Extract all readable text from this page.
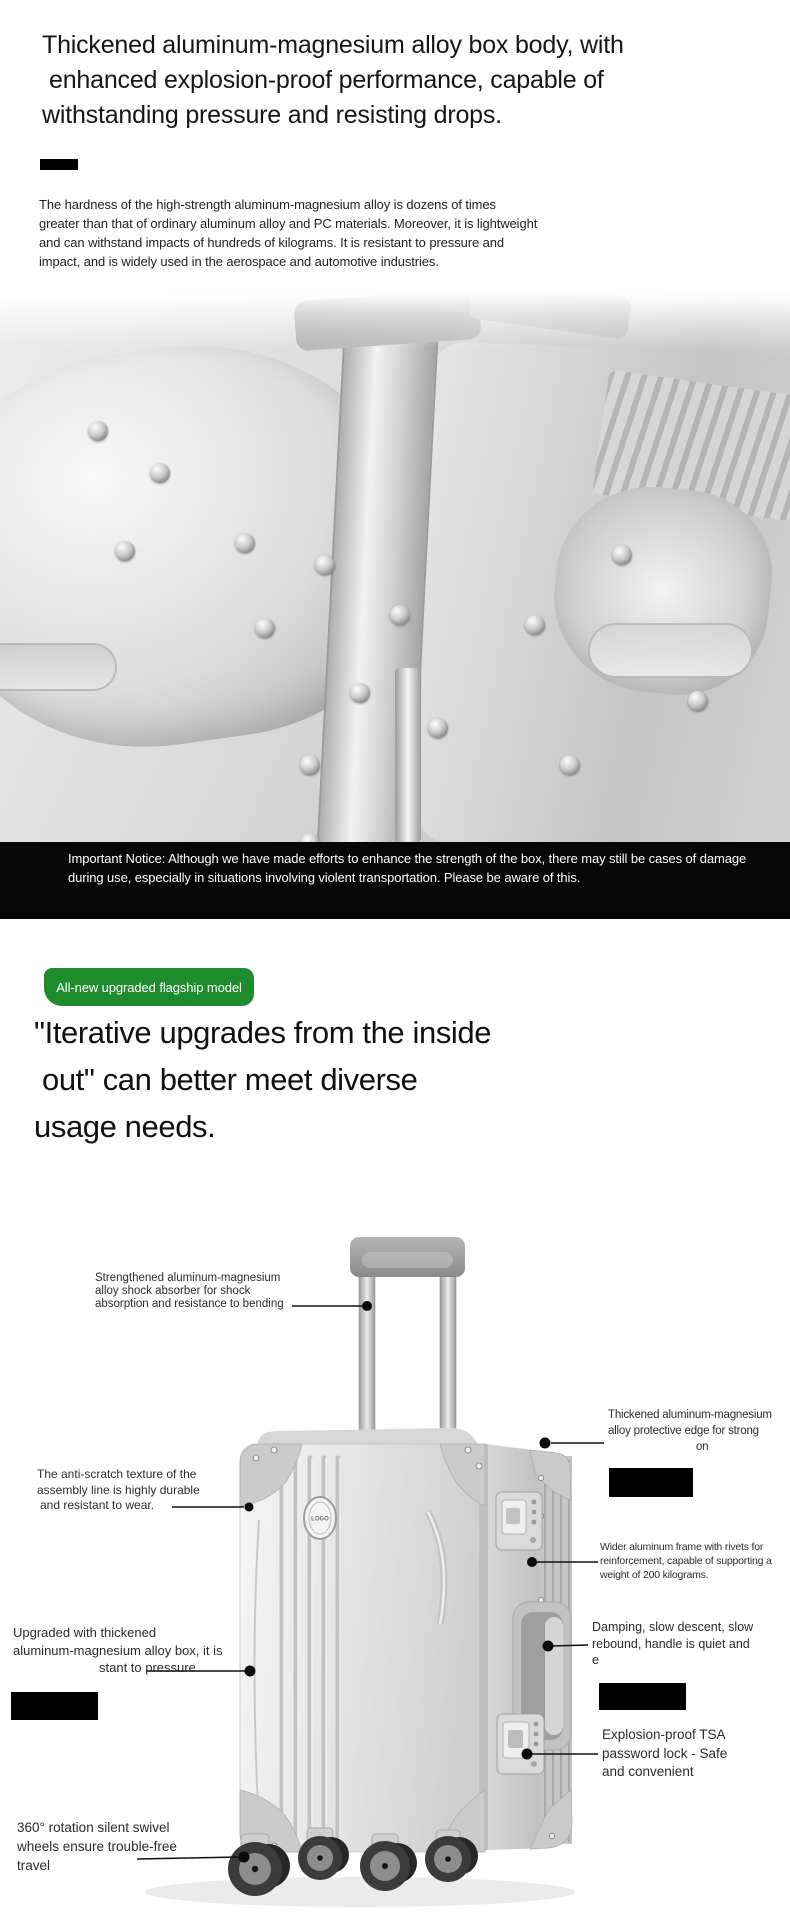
Thickened aluminum-magnesium alloy box body, with
enhanced explosion-proof performance, capable of
withstanding pressure and resisting drops.
The hardness of the high-strength aluminum-magnesium alloy is dozens of times greater than that of ordinary aluminum alloy and PC materials. Moreover, it is lightweight and can withstand impacts of hundreds of kilograms. It is resistant to pressure and impact, and is widely used in the aerospace and automotive industries.
Important Notice: Although we have made efforts to enhance the strength of the box, there may still be cases of damage during use, especially in situations involving violent transportation. Please be aware of this.
All-new upgraded flagship model
"Iterative upgrades from the inside
out" can better meet diverse
usage needs.
LOGO
Strengthened aluminum-magnesium
alloy shock absorber for shock
absorption and resistance to bending
Thickened aluminum-magnesium
alloy protective edge for strong
on
The anti-scratch texture of the
assembly line is highly durable
and resistant to wear.
Wider aluminum frame with rivets for
reinforcement, capable of supporting a
weight of 200 kilograms.
Upgraded with thickened
aluminum-magnesium alloy box, it is
stant to pressure.
Damping, slow descent, slow
rebound, handle is quiet and
e
Explosion-proof TSA
password lock - Safe
and convenient
360° rotation silent swivel
wheels ensure trouble-free
travel
